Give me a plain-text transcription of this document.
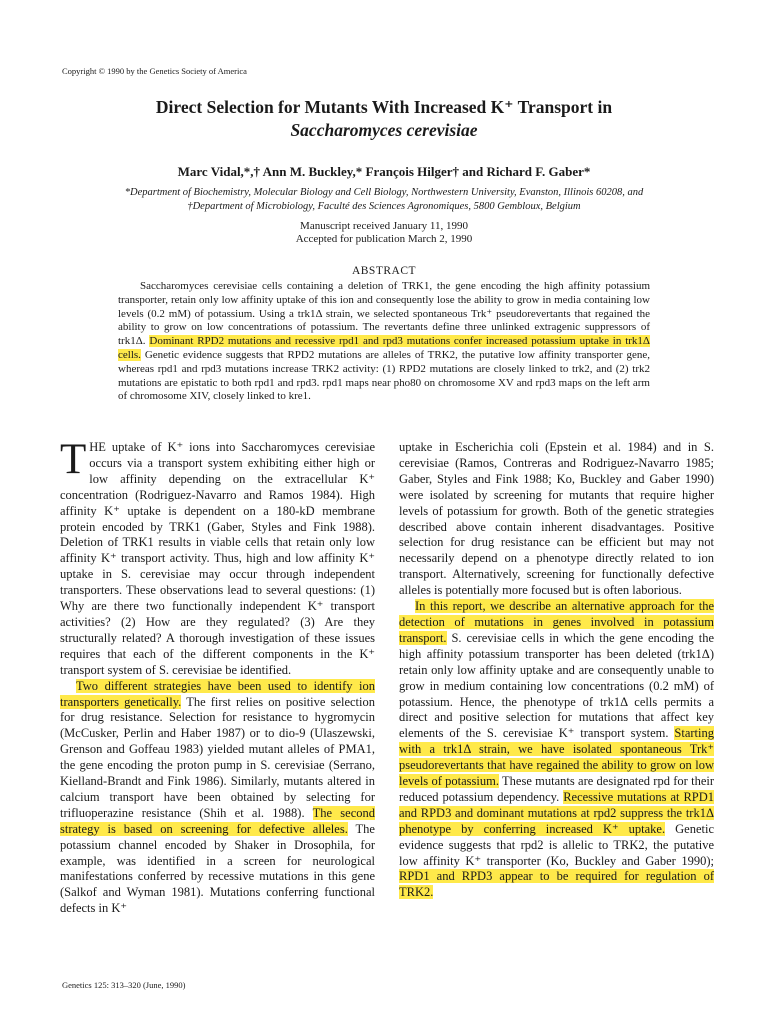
Copyright © 1990 by the Genetics Society of America
Direct Selection for Mutants With Increased K⁺ Transport in
Saccharomyces cerevisiae
Marc Vidal,*,† Ann M. Buckley,* François Hilger† and Richard F. Gaber*
*Department of Biochemistry, Molecular Biology and Cell Biology, Northwestern University, Evanston, Illinois 60208, and
†Department of Microbiology, Faculté des Sciences Agronomiques, 5800 Gembloux, Belgium
Manuscript received January 11, 1990
Accepted for publication March 2, 1990
ABSTRACT

Saccharomyces cerevisiae cells containing a deletion of TRK1, the gene encoding the high affinity potassium transporter, retain only low affinity uptake of this ion and consequently lose the ability to grow in media containing low levels (0.2 mM) of potassium. Using a trk1Δ strain, we selected spontaneous Trk⁺ pseudorevertants that regained the ability to grow on low concentrations of potassium. The revertants define three unlinked extragenic suppressors of trk1Δ. Dominant RPD2 mutations and recessive rpd1 and rpd3 mutations confer increased potassium uptake in trk1Δ cells. Genetic evidence suggests that RPD2 mutations are alleles of TRK2, the putative low affinity transporter gene, whereas rpd1 and rpd3 mutations increase TRK2 activity: (1) RPD2 mutations are closely linked to trk2, and (2) trk2 mutations are epistatic to both rpd1 and rpd3. rpd1 maps near pho80 on chromosome XV and rpd3 maps on the left arm of chromosome XIV, closely linked to kre1.

THE uptake of K⁺ ions into Saccharomyces cerevisiae occurs via a transport system exhibiting either high or low affinity depending on the extracellular K⁺ concentration (Rodriguez-Navarro and Ramos 1984). High affinity K⁺ uptake is dependent on a 180-kD membrane protein encoded by TRK1 (Gaber, Styles and Fink 1988). Deletion of TRK1 results in viable cells that retain only low affinity K⁺ transport activity. Thus, high and low affinity K⁺ uptake in S. cerevisiae may occur through independent transporters. These observations lead to several questions: (1) Why are there two functionally independent K⁺ transport activities? (2) How are they regulated? (3) Are they structurally related? A thorough investigation of these issues requires that each of the different components in the K⁺ transport system of S. cerevisiae be identified.

Two different strategies have been used to identify ion transporters genetically. The first relies on positive selection for drug resistance. Selection for resistance to hygromycin (McCusker, Perlin and Haber 1987) or to dio-9 (Ulaszewski, Grenson and Goffeau 1983) yielded mutant alleles of PMA1, the gene encoding the proton pump in S. cerevisiae (Serrano, Kielland-Brandt and Fink 1986). Similarly, mutants altered in calcium transport have been obtained by selecting for trifluoperazine resistance (Shih et al. 1988). The second strategy is based on screening for defective alleles. The potassium channel encoded by Shaker in Drosophila, for example, was identified in a screen for neurological manifestations conferred by recessive mutations in this gene (Salkof and Wyman 1981). Mutations conferring functional defects in K⁺

uptake in Escherichia coli (Epstein et al. 1984) and in S. cerevisiae (Ramos, Contreras and Rodriguez-Navarro 1985; Gaber, Styles and Fink 1988; Ko, Buckley and Gaber 1990) were isolated by screening for mutants that require higher levels of potassium for growth. Both of the genetic strategies described above contain inherent disadvantages. Positive selection for drug resistance can be efficient but may not necessarily depend on a phenotype directly related to ion transport. Alternatively, screening for functionally defective alleles is potentially more focused but is often laborious.

In this report, we describe an alternative approach for the detection of mutations in genes involved in potassium transport. S. cerevisiae cells in which the gene encoding the high affinity potassium transporter has been deleted (trk1Δ) retain only low affinity uptake and are consequently unable to grow in medium containing low concentrations (0.2 mM) of potassium. Hence, the phenotype of trk1Δ cells permits a direct and positive selection for mutations that affect key elements of the S. cerevisiae K⁺ transport system. Starting with a trk1Δ strain, we have isolated spontaneous Trk⁺ pseudorevertants that have regained the ability to grow on low levels of potassium. These mutants are designated rpd for their reduced potassium dependency. Recessive mutations at RPD1 and RPD3 and dominant mutations at rpd2 suppress the trk1Δ phenotype by conferring increased K⁺ uptake. Genetic evidence suggests that rpd2 is allelic to TRK2, the putative low affinity K⁺ transporter (Ko, Buckley and Gaber 1990); RPD1 and RPD3 appear to be required for regulation of TRK2.

Genetics 125: 313–320 (June, 1990)
